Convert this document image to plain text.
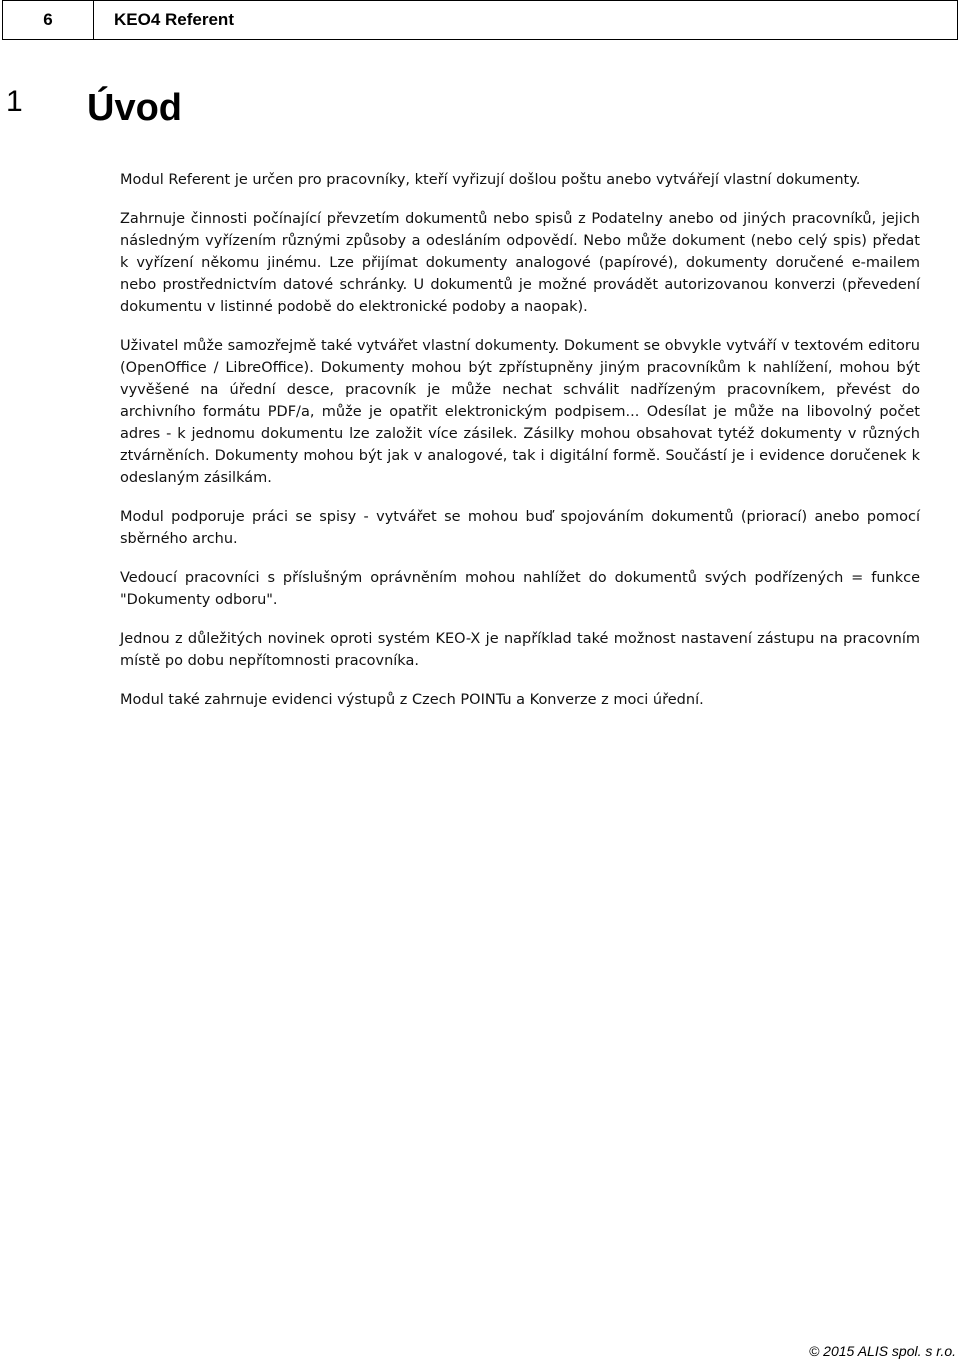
6	KEO4 Referent
1 Úvod

Modul Referent je určen pro pracovníky, kteří vyřizují došlou poštu anebo vytvářejí vlastní dokumenty.

Zahrnuje činnosti počínající převzetím dokumentů nebo spisů z Podatelny anebo od jiných pracovníků, jejich následným vyřízením různými způsoby a odesláním odpovědí. Nebo může dokument (nebo celý spis) předat k vyřízení někomu jinému. Lze přijímat dokumenty analogové (papírové), dokumenty doručené e-mailem nebo prostřednictvím datové schránky. U dokumentů je možné provádět autorizovanou konverzi (převedení dokumentu v listinné podobě do elektronické podoby a naopak).

Uživatel může samozřejmě také vytvářet vlastní dokumenty. Dokument se obvykle vytváří v textovém editoru (OpenOffice / LibreOffice). Dokumenty mohou být zpřístupněny jiným pracovníkům k nahlížení, mohou být vyvěšené na úřední desce, pracovník je může nechat schválit nadřízeným pracovníkem, převést do archivního formátu PDF/a, může je opatřit elektronickým podpisem... Odesílat je může na libovolný počet adres - k jednomu dokumentu lze založit více zásilek. Zásilky mohou obsahovat tytéž dokumenty v různých ztvárněních. Dokumenty mohou být jak v analogové, tak i digitální formě. Součástí je i evidence doručenek k odeslaným zásilkám.

Modul podporuje práci se spisy - vytvářet se mohou buď spojováním dokumentů (priorací) anebo pomocí sběrného archu.

Vedoucí pracovníci s příslušným oprávněním mohou nahlížet do dokumentů svých podřízených = funkce "Dokumenty odboru".

Jednou z důležitých novinek oproti systém KEO-X je například také možnost nastavení zástupu na pracovním místě po dobu nepřítomnosti pracovníka.

Modul také zahrnuje evidenci výstupů z Czech POINTu a Konverze z moci úřední.

© 2015 ALIS spol. s r.o.
